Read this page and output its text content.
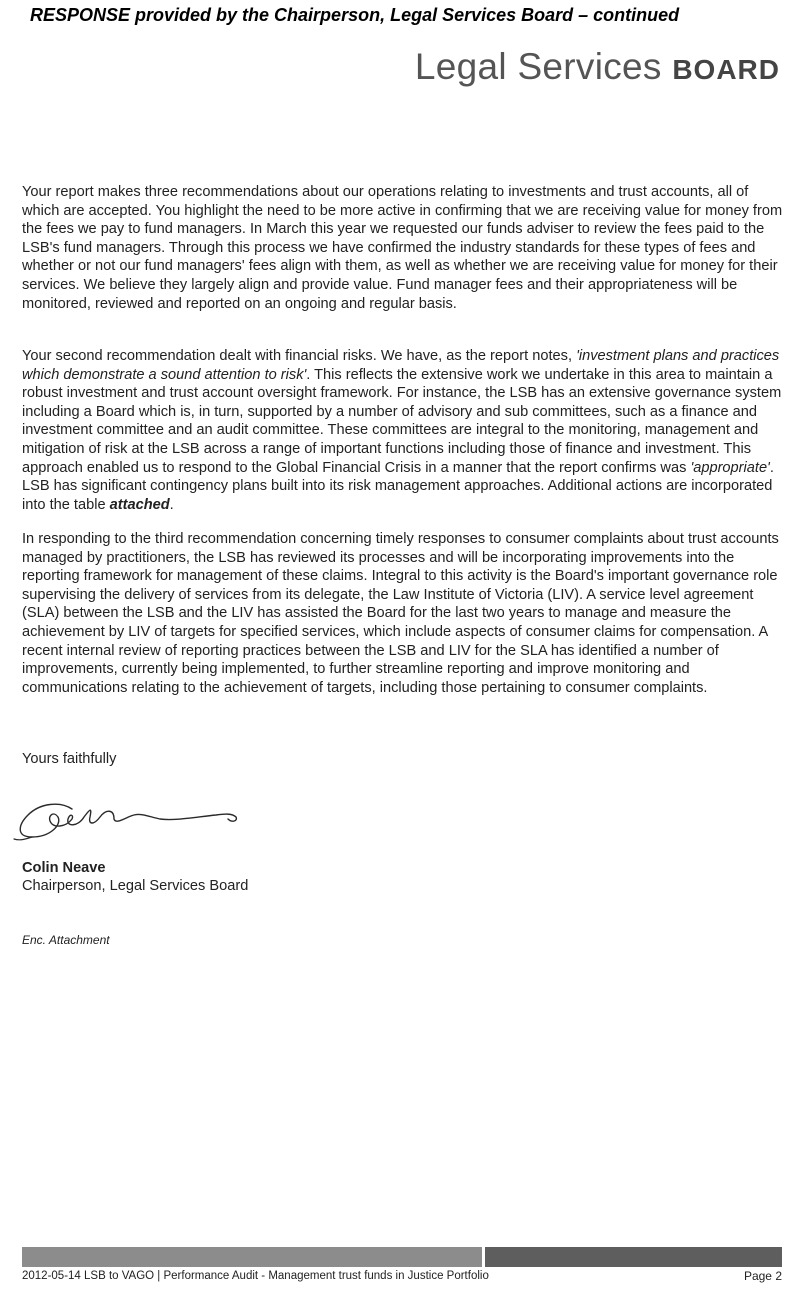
RESPONSE provided by the Chairperson, Legal Services Board – continued
Legal Services BOARD

Your report makes three recommendations about our operations relating to investments and trust accounts, all of which are accepted. You highlight the need to be more active in confirming that we are receiving value for money from the fees we pay to fund managers. In March this year we requested our funds adviser to review the fees paid to the LSB's fund managers. Through this process we have confirmed the industry standards for these types of fees and whether or not our fund managers' fees align with them, as well as whether we are receiving value for money for their services. We believe they largely align and provide value. Fund manager fees and their appropriateness will be monitored, reviewed and reported on an ongoing and regular basis.

Your second recommendation dealt with financial risks. We have, as the report notes, 'investment plans and practices which demonstrate a sound attention to risk'. This reflects the extensive work we undertake in this area to maintain a robust investment and trust account oversight framework. For instance, the LSB has an extensive governance system including a Board which is, in turn, supported by a number of advisory and sub committees, such as a finance and investment committee and an audit committee. These committees are integral to the monitoring, management and mitigation of risk at the LSB across a range of important functions including those of finance and investment. This approach enabled us to respond to the Global Financial Crisis in a manner that the report confirms was 'appropriate'. LSB has significant contingency plans built into its risk management approaches. Additional actions are incorporated into the table attached.

In responding to the third recommendation concerning timely responses to consumer complaints about trust accounts managed by practitioners, the LSB has reviewed its processes and will be incorporating improvements into the reporting framework for management of these claims. Integral to this activity is the Board's important governance role supervising the delivery of services from its delegate, the Law Institute of Victoria (LIV). A service level agreement (SLA) between the LSB and the LIV has assisted the Board for the last two years to manage and measure the achievement by LIV of targets for specified services, which include aspects of consumer claims for compensation. A recent internal review of reporting practices between the LSB and LIV for the SLA has identified a number of improvements, currently being implemented, to further streamline reporting and improve monitoring and communications relating to the achievement of targets, including those pertaining to consumer complaints.

Yours faithfully
Colin Neave
Chairperson, Legal Services Board
Enc. Attachment
2012-05-14 LSB to VAGO | Performance Audit - Management trust funds in Justice Portfolio	Page 2
